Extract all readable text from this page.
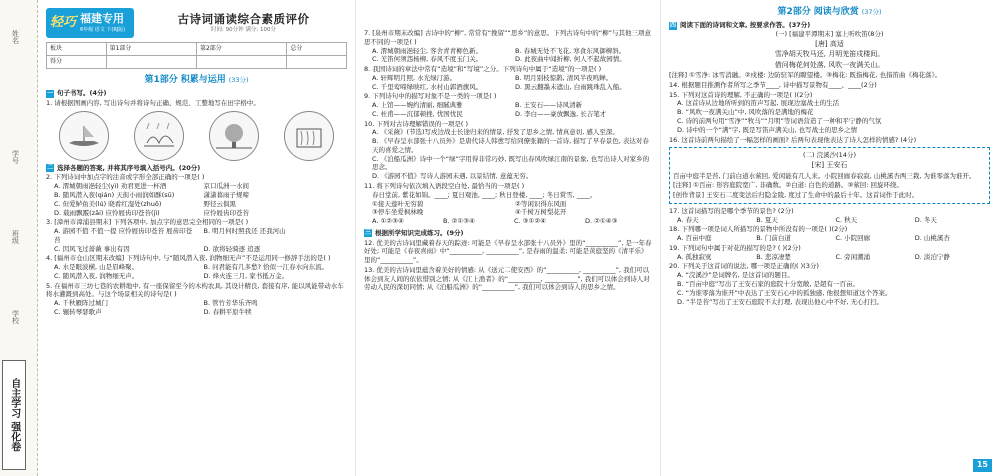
姓名
学号
班级
学校
自主学习 强化卷
轻巧 福建专用
6年级 语文 下(RJ版)
古诗词诵读综合素质评价
时间: 90分钟 满分: 100分
板块	第1部分	第2部分	总分
得分			
第1部分 积累与运用 (33分)
一 句子书写。(4分)
1. 请根据图画内容, 写出诗句并将诗句正确、规范、工整地写在田字格中。
二 选择各题的答案, 并将其序号填入括号内。(20分)
2. 下列诗词中加点字的注音或字形全部正确的一项是( )
A. 渭城朝雨浥轻尘(yì) 劝君更进一杯酒	京口瓜洲一水间
B. 随风潜入夜(qián) 天街小雨润如酥(sū)	潇潇暮雨子规啼
C. 但爱鲈鱼美(lú) 晓看红湿处(zhuō)	野径云俱黑
D. 载雨飘霰(zāi) 应怜屐齿印苍苔(jì)	应怜屐齿印苍苔
3. [漳州市漳浦县期末] 下列各项中, 加点字的意思完全相同的一项是( )
A. 游园不值 不值一提 应怜屐齿印苍苔 屐齿印苍苔
B. 明月何时照我还 还我河山
C. 因风飞过蔷薇 事出有因	D. 欲将轻骑逐 追逐
4. [福州市仓山区期末改编] 下列诗句中, 与“随风潜入夜, 润物细无声”不是运用同一修辞手法的是( )
A. 水是眼波横, 山是眉峰聚。	B. 问君能有几多愁? 恰似一江春水向东流。
C. 随风潜入夜, 润物细无声。	D. 烽火连三月, 家书抵万金。
5. 在福州市三坊七巷的农耕地中, 有一座保留至今的木构农具, 其设计精良, 套接有序, 能以风能带动水车将水灌溉到高处。与这个场景相关的诗句是( )
A. 千秋雁阵过城门	B. 管竹芳华乐齐鸣
C. 辗转琴瑟歌声	D. 春耕平原牛犊
7. [泉州市期末改编] 古诗中的“柳”, 常常有“挽留”“思乡”的意思。下列古诗句中的“柳”与其他三项意思不同的一项是( )
A. 渭城朝雨浥轻尘, 客舍青青柳色新。	B. 春城无处不飞花, 寒食东风御柳斜。
C. 羌笛何须怨杨柳, 春风不度玉门关。	D. 此夜曲中闻折柳, 何人不起故园情。
8. 我国诗词的章法中常有“造境”和“写境”之分。下列诗句中属于“造境”的一项是( )
A. 轩辉明月照, 水光绿汀游。	B. 明月别枝惊鹊, 清风半夜鸣蝉。
C. 千里莺啼绿映红, 水村山郭酒旗风。	D. 黑云翻墨未遮山, 白雨跳珠乱入船。
9. 下列诗句中的描写对象不是一类的一项是( )
A. 上馆——婉约清丽, 细腻典雅	B. 王安石——诗风清新
C. 杜甫——沉郁顿挫, 忧国忧民	D. 李白——豪放飘逸, 长吉笔才
10. 下列对古诗理解错误的一项是( )
A. 《采薇》(节选)写戍边战士长途归来的情景, 抒发了思乡之情, 情真意切, 感人至深。
B. 《早春呈水部张十八员外》是唐代诗人韩愈写给同僚张籍的一首诗, 描写了早春景色, 表达对春天的喜爱之情。
C. 《泊船瓜洲》诗中一个“绿”字用得非常巧妙, 既写出春风吹绿江南的景象, 也写出诗人对家乡的思念。
D. 《游园不值》写诗人游园未遇, 以景结情, 意蕴无穷。
11. 将下列诗句依次填入语段空白处, 最恰当的一项是( )
春日堂前, 紫花如锦。____; 夏日观池, ____; 秋日登楼, ____; 冬日赏雪, ____。
①接天莲叶无穷碧	②等闲识得东风面
③停车坐爱枫林晚	④千树万树梨花开
A. ①②③④	B. ②①③④	C. ③①②④	D. ②①④③
三 根据所学知识完成练习。(9分)
12. 优美的古诗词里藏着春天的踪迹: 可能是《早春呈水部张十八员外》里的“__________”, 是一年春好处; 可能是《春夜喜雨》中“__________, __________”, 是春雨的温柔; 可能是黄庭坚的《清平乐》里的“__________”。
13. 优美的古诗词里蕴含着美好的情感: 从《送元二使安西》的“__________, __________”, 我们可以体会到友人间的依依惜别之情; 从《江上渔者》的“__________, __________”, 我们可以体会到诗人对劳动人民的深切同情; 从《泊船瓜洲》的“__________”, 我们可以体会到诗人的思乡之情。
第2部分 阅读与欣赏 (37分)
四 阅读下面的诗词和文章, 按要求作答。(37分)
(一) [福建平潭期末] 塞上听吹笛(8分)
[唐] 高适
雪净胡天牧马还, 月明羌笛戍楼间。
借问梅花何处落, 风吹一夜满关山。
[注释] ①雪净: 冰雪消融。②戍楼: 边防驻军的瞭望楼。③梅花: 既指梅花, 也指笛曲《梅花落》。
14. 根据题目推测作者所写之季节____, 诗中描写景物有____、____(2分)
15. 下列对这首诗的理解, 不正确的一项是( )(2分)
A. 这首诗从边地所听到的笛声写起, 展现边塞战士的生活
B. “风吹一夜满关山”中, 风吹落的是满地的梅花
C. 诗的前两句用“雪净”“牧马”“月明”等词语营造了一种和平宁静的气氛
D. 诗中的一个“满”字, 既是写笛声满关山, 也写战士的思乡之情
16. 这首诗前两句描绘了一幅怎样的画面? 后两句表现他表达了诗人怎样的情感? (4分)
(二) 浣溪沙(14分)
[宋] 王安石
百亩中庭半是苔, 门前白道水萦回, 爱闲能有几人来。小院回廊春寂寂, 山桃溪杏两三栽, 为谁零落为谁开。
[注释] ①百亩: 形容庭院宽广, 非确数。②白道: 白色的道路。③萦回: 回旋环绕。
[创作背景] 王安石二度变法后归隐金陵, 度过了生命中的最后十年。这首词作于此时。
17. 这首词描写的是哪个季节的景色? (2分)
A. 春天	B. 夏天	C. 秋天	D. 冬天
18. 下列哪一项是词人所描写的景物中所没有的一项是( )(2分)
A. 百亩中庭	B. 门前白道	C. 小院回廊	D. 山桃溪杏
19. 下列词句中属于对花的描写的是? ( )(2分)
A. 孤独寂寞	B. 悲凉凄楚	C. 旁闲潮涌	D. 淡泊宁静
20. 下列关于这首词的说法, 哪一项是正确的( )(3分)
A. “浣溪沙”是词牌名, 是这首词的题目。
B. “百亩中庭”写出了王安石家的庭院十分宽敞, 是超有一百亩。
C. “为谁零落为谁开”中表达了王安石心中的孤独感, 他很想知道这个答案。
D. “半是苔”写出了王安石庭院不太打理, 表现出他心中不好, 无心打扫。
15
